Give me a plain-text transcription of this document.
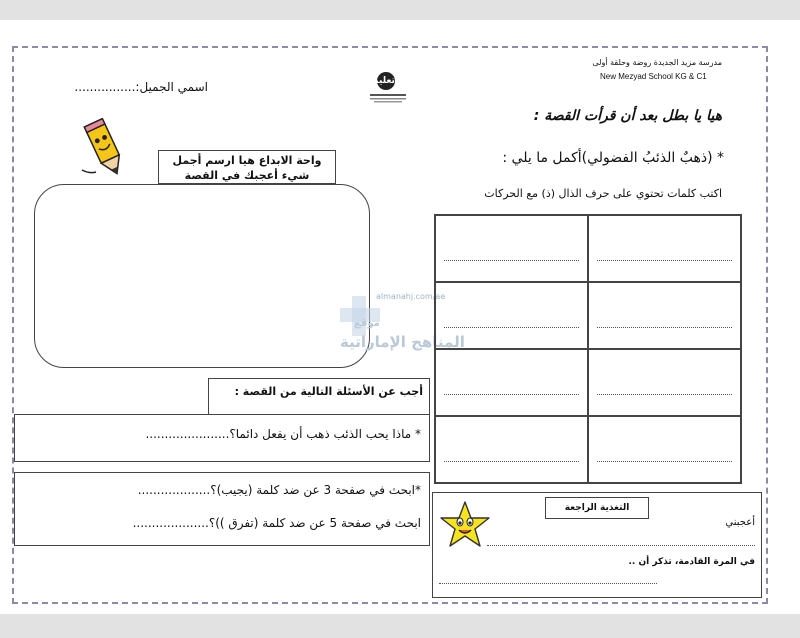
مدرسة مزيد الجديدة روضة وحلقة أولى
New Mezyad School KG & C1
تعليم
اسمي الجميل:................
هيا يا بطل بعد أن قرأت القصة :
* (ذهبٌ الذئبُ الفضولي)أكمل ما يلي :
اكتب كلمات تحتوي على حرف الذال (ذ) مع الحركات
واحة الابداع هيا ارسم أجمل
شيء أعجبك في القصة
almanahj.com/ae
موقع
المناهج الإماراتية
أجب عن الأسئلة التالية من القصة :
* ماذا يحب الذئب ذهب أن يفعل دائما؟......................
*ابحث في صفحة 3 عن ضد كلمة (يجيب)؟...................
ابحث في صفحة 5 عن ضد كلمة (تفرق ))؟....................
التغذية الراجعة
أعجبني
في المرة القادمة، تذكر أن ..
